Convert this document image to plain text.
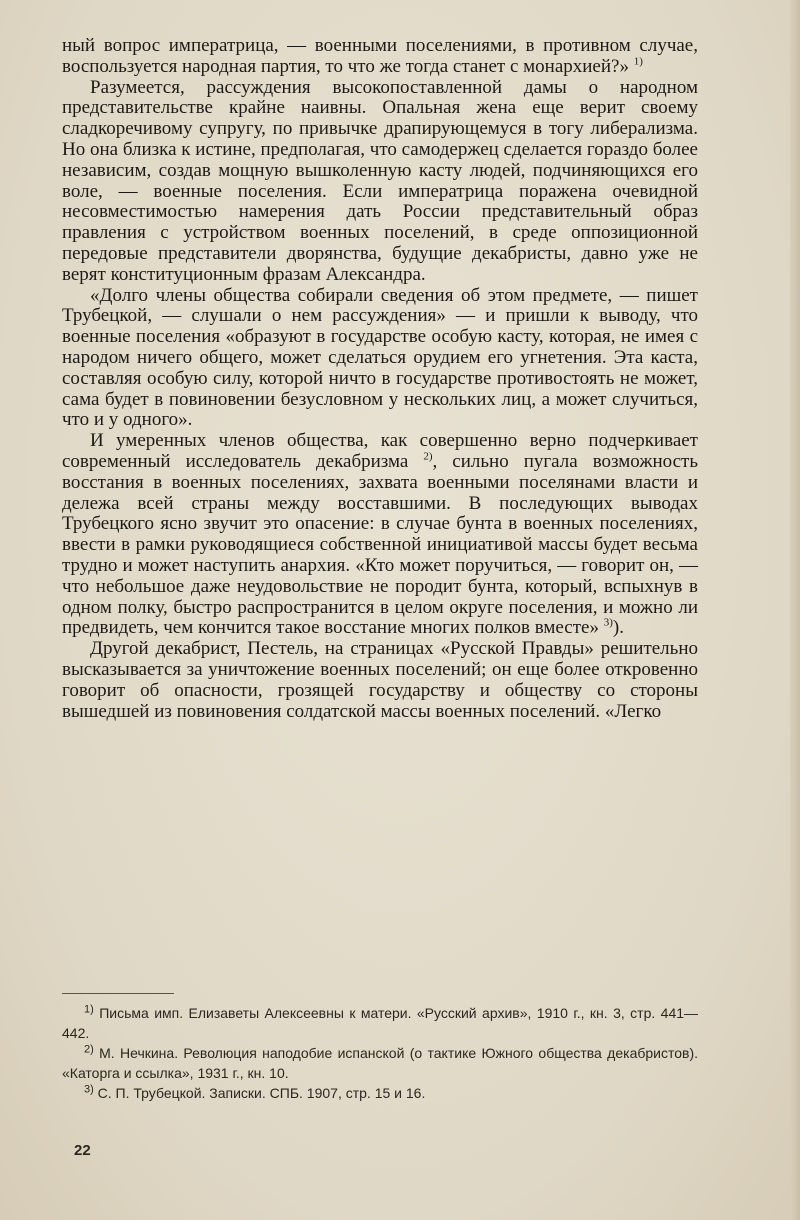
ный вопрос императрица, — военными поселениями, в противном случае, воспользуется народная партия, то что же тогда станет с монархией?» $^{1)}$

Разумеется, рассуждения высокопоставленной дамы о народном представительстве крайне наивны. Опальная жена еще верит своему сладкоречивому супругу, по привычке драпирующемуся в тогу либерализма. Но она близка к истине, предполагая, что самодержец сделается гораздо более независим, создав мощную вышколенную касту людей, подчиняющихся его воле, — военные поселения. Если императрица поражена очевидной несовместимостью намерения дать России представительный образ правления с устройством военных поселений, в среде оппозиционной передовые представители дворянства, будущие декабристы, давно уже не верят конституционным фразам Александра.

«Долго члены общества собирали сведения об этом предмете, — пишет Трубецкой, — слушали о нем рассуждения» — и пришли к выводу, что военные поселения «образуют в государстве особую касту, которая, не имея с народом ничего общего, может сделаться орудием его угнетения. Эта каста, составляя особую силу, которой ничто в государстве противостоять не может, сама будет в повиновении безусловном у нескольких лиц, а может случиться, что и у одного».

И умеренных членов общества, как совершенно верно подчеркивает современный исследователь декабризма $^{2)}$, сильно пугала возможность восстания в военных поселениях, захвата военными поселянами власти и дележа всей страны между восставшими. В последующих выводах Трубецкого ясно звучит это опасение: в случае бунта в военных поселениях, ввести в рамки руководящиеся собственной инициативой массы будет весьма трудно и может наступить анархия. «Кто может поручиться, — говорит он, — что небольшое даже неудовольствие не породит бунта, который, вспыхнув в одном полку, быстро распространится в целом округе поселения, и можно ли предвидеть, чем кончится такое восстание многих полков вместе» $^{3)}$).

Другой декабрист, Пестель, на страницах «Русской Правды» решительно высказывается за уничтожение военных поселений; он еще более откровенно говорит об опасности, грозящей государству и обществу со стороны вышедшей из повиновения солдатской массы военных поселений. «Легко

$^{1)}$ Письма имп. Елизаветы Алексеевны к матери. «Русский архив», 1910 г., кн. 3, стр. 441—442.

$^{2)}$ М. Нечкина. Революция наподобие испанской (о тактике Южного общества декабристов). «Каторга и ссылка», 1931 г., кн. 10.

$^{3)}$ С. П. Трубецкой. Записки. СПБ. 1907, стр. 15 и 16.

22
